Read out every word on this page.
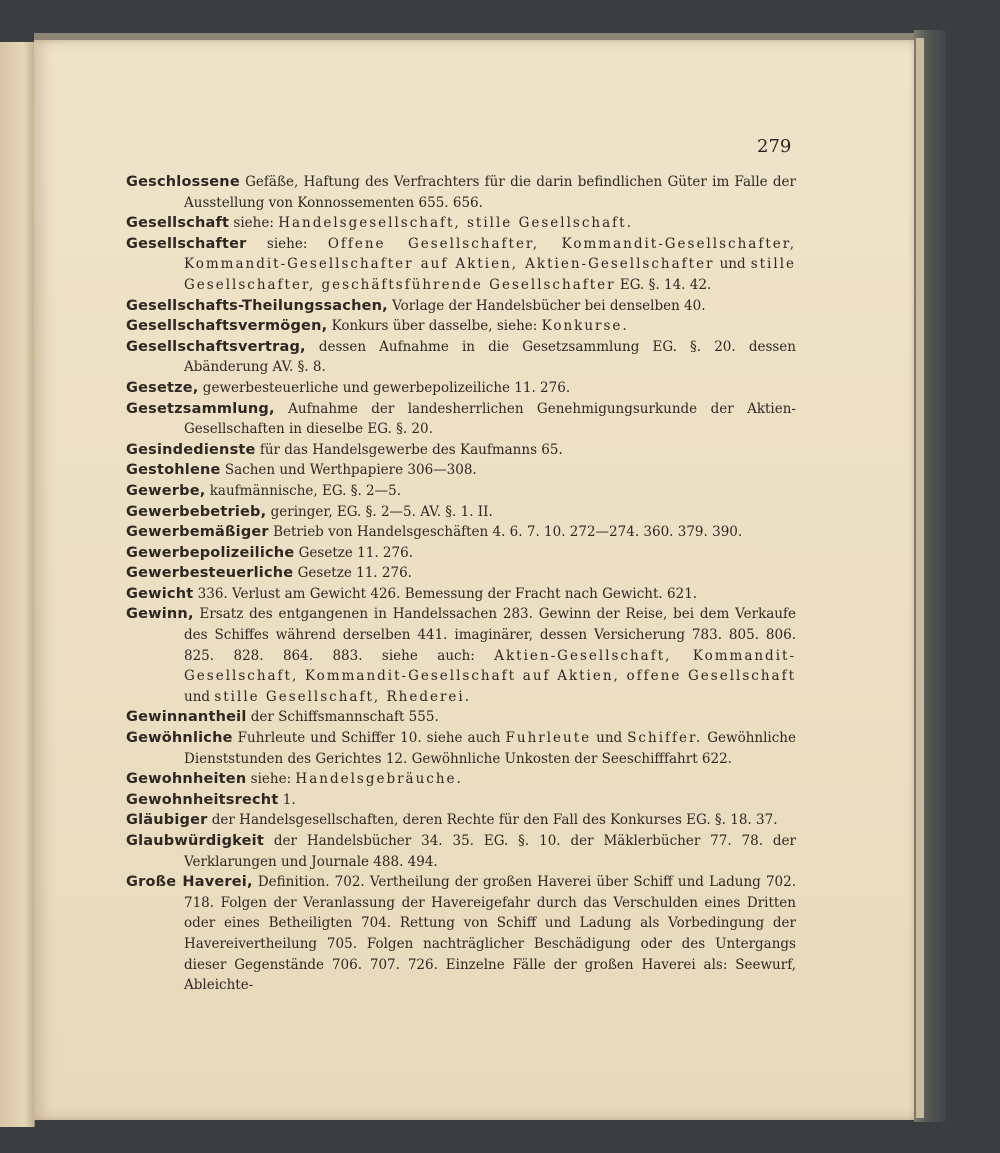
279

Geschlossene Gefäße, Haftung des Verfrachters für die darin befindlichen Güter im Falle der Ausstellung von Konnossementen 655. 656.

Gesellschaft siehe: Handelsgesellschaft, stille Gesellschaft.

Gesellschafter siehe: Offene Gesellschafter, Kommandit-Gesellschafter, Kommandit-Gesellschafter auf Aktien, Aktien-Gesellschafter und stille Gesellschafter, geschäftsführende Gesellschafter EG. §. 14. 42.

Gesellschafts-Theilungssachen, Vorlage der Handelsbücher bei denselben 40.

Gesellschaftsvermögen, Konkurs über dasselbe, siehe: Konkurse.

Gesellschaftsvertrag, dessen Aufnahme in die Gesetzsammlung EG. §. 20. dessen Abänderung AV. §. 8.

Gesetze, gewerbesteuerliche und gewerbepolizeiliche 11. 276.

Gesetzsammlung, Aufnahme der landesherrlichen Genehmigungsurkunde der Aktien-Gesellschaften in dieselbe EG. §. 20.

Gesindedienste für das Handelsgewerbe des Kaufmanns 65.

Gestohlene Sachen und Werthpapiere 306—308.

Gewerbe, kaufmännische, EG. §. 2—5.

Gewerbebetrieb, geringer, EG. §. 2—5. AV. §. 1. II.

Gewerbemäßiger Betrieb von Handelsgeschäften 4. 6. 7. 10. 272—274. 360. 379. 390.

Gewerbepolizeiliche Gesetze 11. 276.

Gewerbesteuerliche Gesetze 11. 276.

Gewicht 336. Verlust am Gewicht 426. Bemessung der Fracht nach Gewicht. 621.

Gewinn, Ersatz des entgangenen in Handelssachen 283. Gewinn der Reise, bei dem Verkaufe des Schiffes während derselben 441. imaginärer, dessen Versicherung 783. 805. 806. 825. 828. 864. 883. siehe auch: Aktien-Gesellschaft, Kommandit-Gesellschaft, Kommandit-Gesellschaft auf Aktien, offene Gesellschaft und stille Gesellschaft, Rhederei.

Gewinnantheil der Schiffsmannschaft 555.

Gewöhnliche Fuhrleute und Schiffer 10. siehe auch Fuhrleute und Schiffer. Gewöhnliche Dienststunden des Gerichtes 12. Gewöhnliche Unkosten der Seeschifffahrt 622.

Gewohnheiten siehe: Handelsgebräuche.

Gewohnheitsrecht 1.

Gläubiger der Handelsgesellschaften, deren Rechte für den Fall des Konkurses EG. §. 18. 37.

Glaubwürdigkeit der Handelsbücher 34. 35. EG. §. 10. der Mäklerbücher 77. 78. der Verklarungen und Journale 488. 494.

Große Haverei, Definition. 702. Vertheilung der großen Haverei über Schiff und Ladung 702. 718. Folgen der Veranlassung der Havereigefahr durch das Verschulden eines Dritten oder eines Betheiligten 704. Rettung von Schiff und Ladung als Vorbedingung der Havereivertheilung 705. Folgen nachträglicher Beschädigung oder des Untergangs dieser Gegenstände 706. 707. 726. Einzelne Fälle der großen Haverei als: Seewurf, Ableichte-
